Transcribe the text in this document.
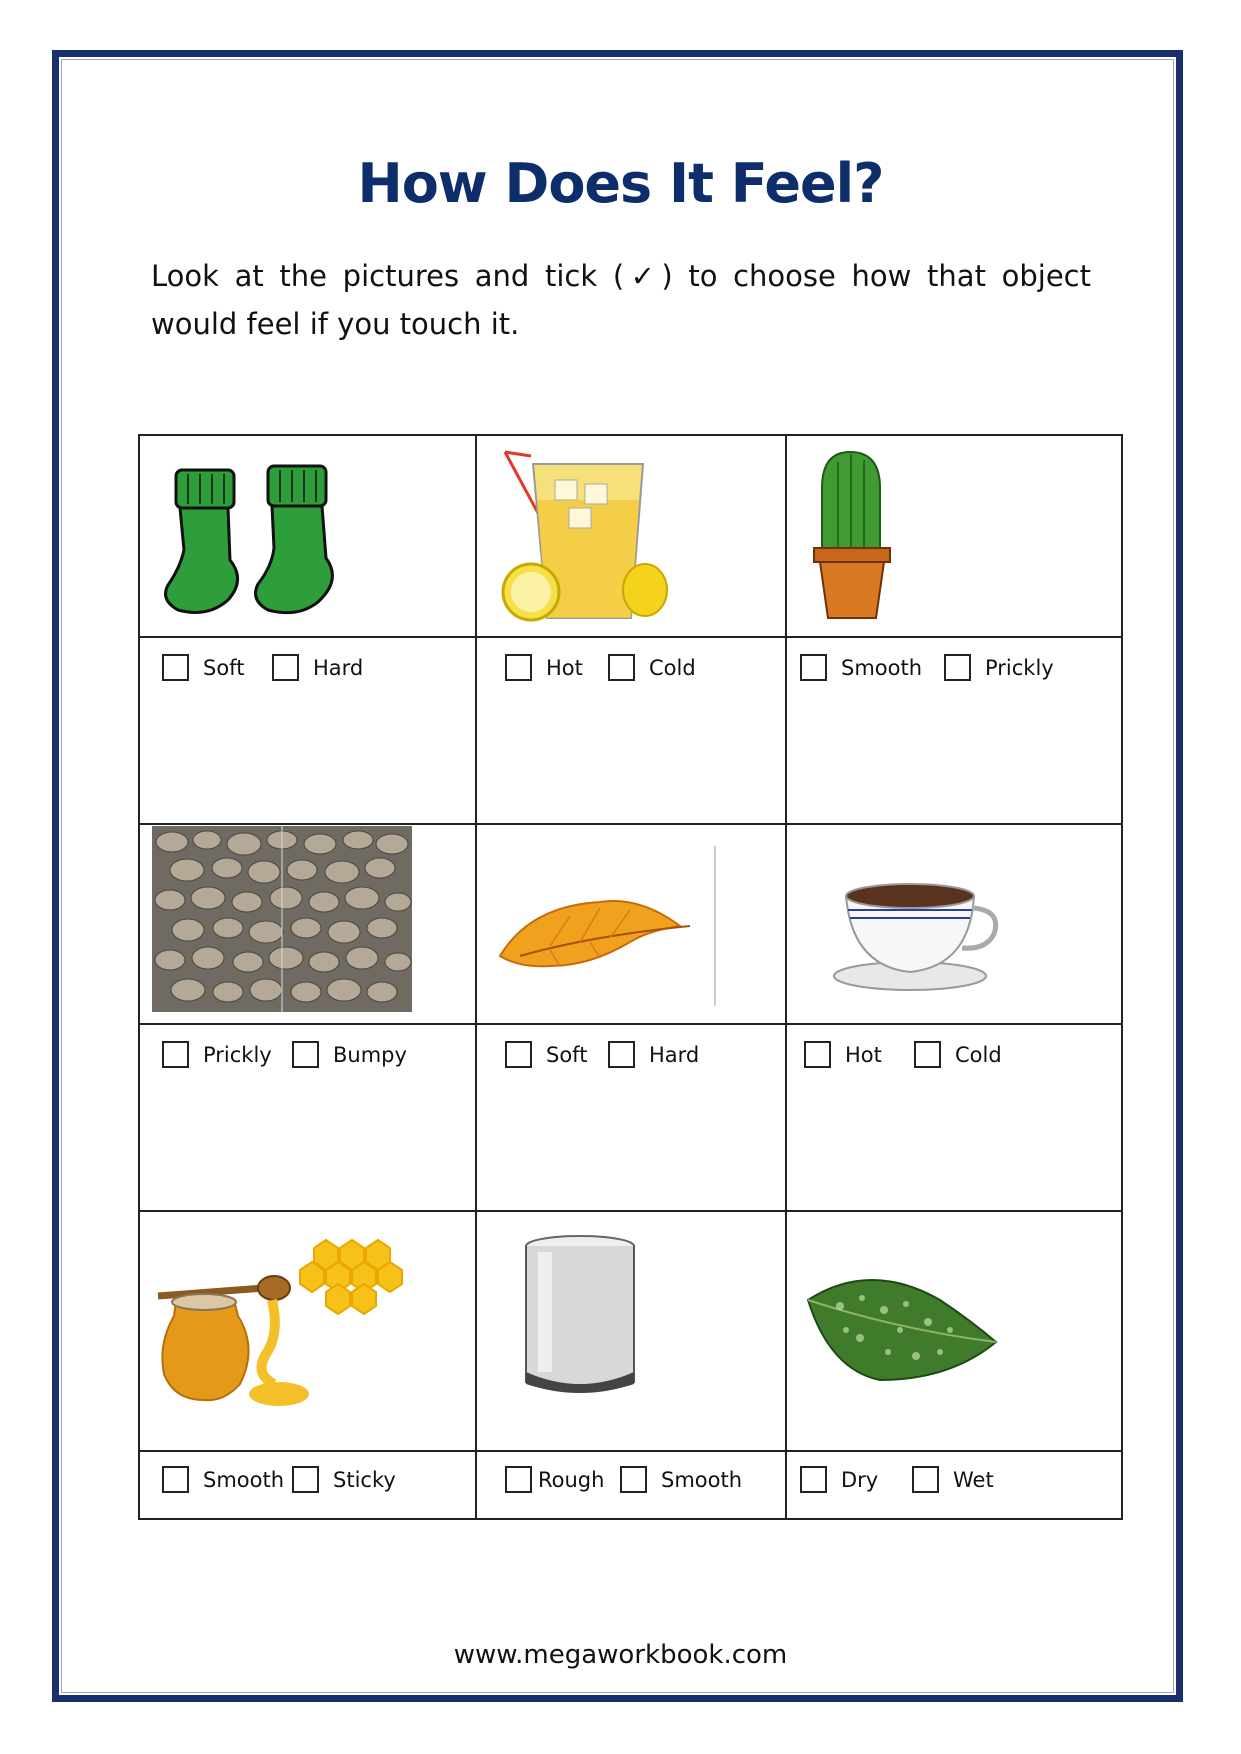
How Does It Feel?
Look at the pictures and tick (✓) to choose how that object would feel if you touch it.
Soft	Hard	Hot	Cold	Smooth	Prickly
Prickly	Bumpy	Soft	Hard	Hot	Cold
Smooth Sticky	Rough	Smooth	Dry	Wet
www.megaworkbook.com
